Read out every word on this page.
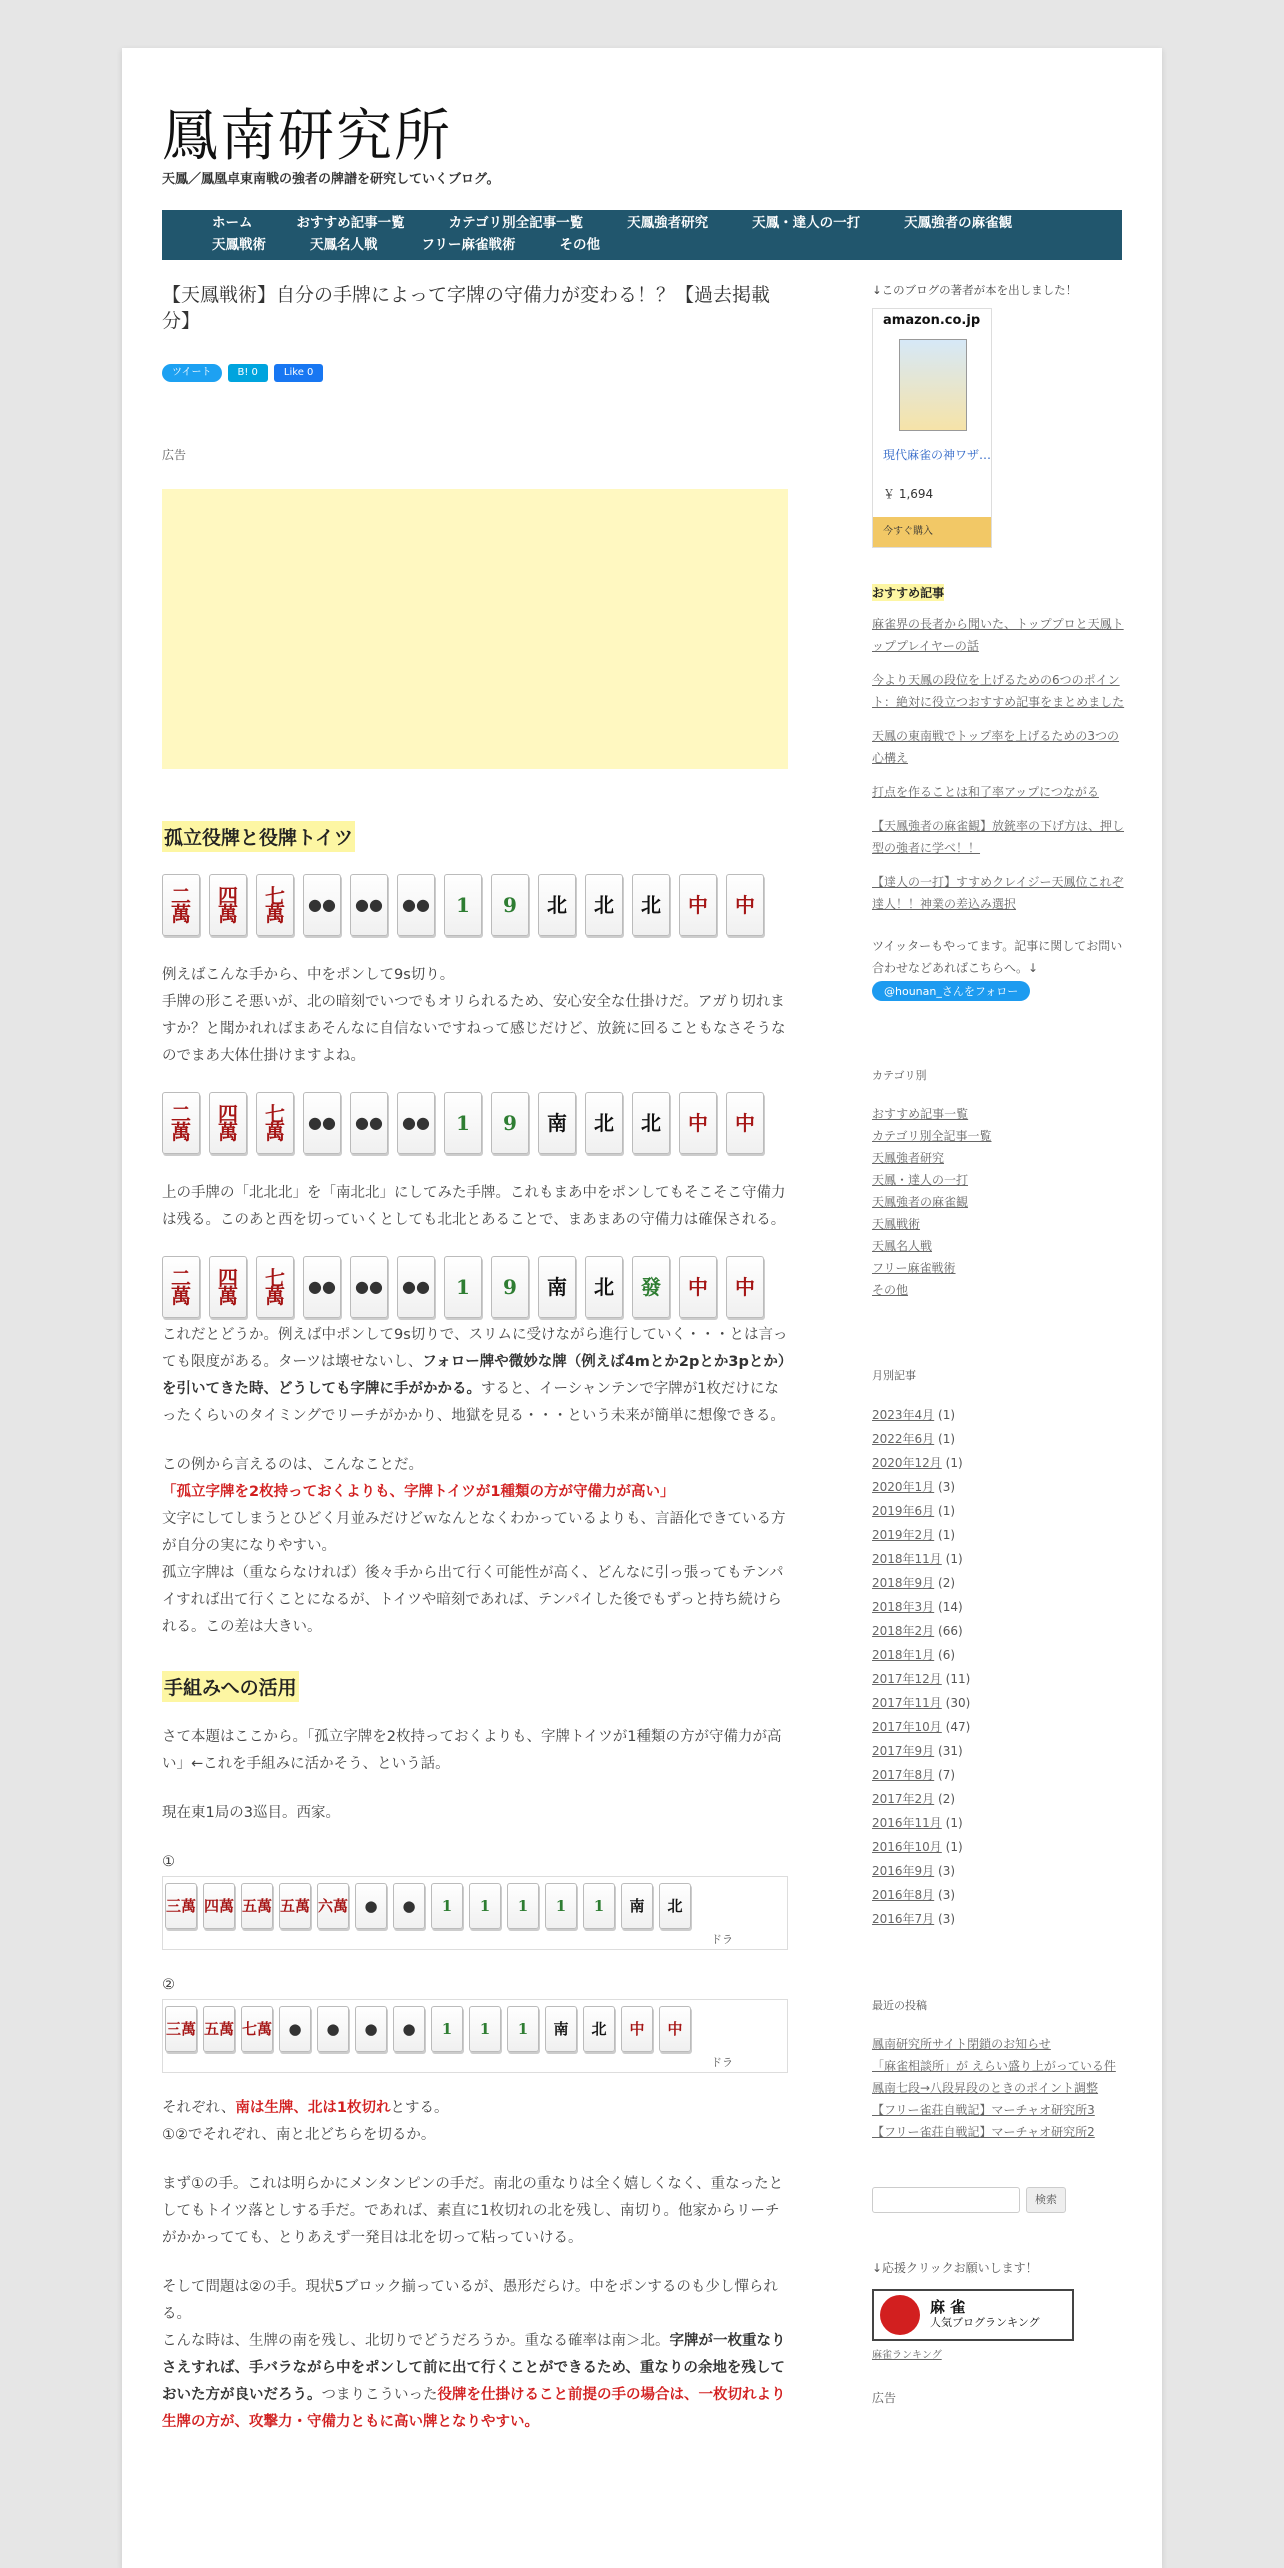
鳳南研究所
天鳳／鳳凰卓東南戦の強者の牌譜を研究していくブログ。
ホーム	おすすめ記事一覧	カテゴリ別全記事一覧	天鳳強者研究	天鳳・達人の一打	天鳳強者の麻雀観
天鳳戦術	天鳳名人戦	フリー麻雀戦術	その他
【天鳳戦術】自分の手牌によって字牌の守備力が変わる！？【過去掲載分】
ツイート	B! 0	Like 0
広告
孤立役牌と役牌トイツ
二萬
四萬
七萬	●●	●●	●●	1	9	北	北	北	中	中

例えばこんな手から、中をポンして9s切り。
手牌の形こそ悪いが、北の暗刻でいつでもオリられるため、安心安全な仕掛けだ。アガり切れますか？と聞かれればまあそんなに自信ないですねって感じだけど、放銃に回ることもなさそうなのでまあ大体仕掛けますよね。

二萬
四萬
七萬	●●	●●	●●	1	9	南	北	北	中	中

上の手牌の「北北北」を「南北北」にしてみた手牌。これもまあ中をポンしてもそこそこ守備力は残る。このあと西を切っていくとしても北北とあることで、まあまあの守備力は確保される。

二萬
四萬
七萬	●●	●●	●●	1	9	南	北	發	中	中

これだとどうか。例えば中ポンして9s切りで、スリムに受けながら進行していく・・・とは言っても限度がある。ターツは壊せないし、フォロー牌や微妙な牌（例えば4mとか2pとか3pとか）を引いてきた時、どうしても字牌に手がかかる。すると、イーシャンテンで字牌が1枚だけになったくらいのタイミングでリーチがかかり、地獄を見る・・・という未来が簡単に想像できる。

この例から言えるのは、こんなことだ。
「孤立字牌を2枚持っておくよりも、字牌トイツが1種類の方が守備力が高い」
文字にしてしまうとひどく月並みだけどｗなんとなくわかっているよりも、言語化できている方が自分の実になりやすい。
孤立字牌は（重ならなければ）後々手から出て行く可能性が高く、どんなに引っ張ってもテンパイすれば出て行くことになるが、トイツや暗刻であれば、テンパイした後でもずっと持ち続けられる。この差は大きい。

手組みへの活用

さて本題はここから。「孤立字牌を2枚持っておくよりも、字牌トイツが1種類の方が守備力が高い」←これを手組みに活かそう、という話。

現在東1局の3巡目。西家。

①

三萬 四萬 五萬 五萬 六萬	●	●	1	1	1	1	1	南	北
ドラ

②

三萬 五萬 七萬	●	●	●	●	1	1	1	南	北	中	中
ドラ

それぞれ、南は生牌、北は1枚切れとする。
①②でそれぞれ、南と北どちらを切るか。

まず①の手。これは明らかにメンタンピンの手だ。南北の重なりは全く嬉しくなく、重なったとしてもトイツ落としする手だ。であれば、素直に1枚切れの北を残し、南切り。他家からリーチがかかってても、とりあえず一発目は北を切って粘っていける。

そして問題は②の手。現状5ブロック揃っているが、愚形だらけ。中をポンするのも少し憚られる。
こんな時は、生牌の南を残し、北切りでどうだろうか。重なる確率は南＞北。字牌が一枚重なりさえすれば、手バラながら中をポンして前に出て行くことができるため、重なりの余地を残しておいた方が良いだろう。つまりこういった役牌を仕掛けること前提の手の場合は、一枚切れより生牌の方が、攻撃力・守備力ともに高い牌となりやすい。

↓このブログの著者が本を出しました！
amazon.co.jp
現代麻雀の神ワザ…
￥ 1,694
今すぐ購入
おすすめ記事
麻雀界の長者から聞いた、トッププロと天鳳トッププレイヤーの話
今より天鳳の段位を上げるための6つのポイント：絶対に役立つおすすめ記事をまとめました
天鳳の東南戦でトップ率を上げるための3つの心構え
打点を作ることは和了率アップにつながる
【天鳳強者の麻雀観】放銃率の下げ方は、押し型の強者に学べ！！
【達人の一打】すすめクレイジー天鳳位これぞ達人！！神業の差込み選択
ツイッターもやってます。記事に関してお問い合わせなどあればこちらへ。↓
@hounan_さんをフォロー
カテゴリ別
おすすめ記事一覧
カテゴリ別全記事一覧
天鳳強者研究
天鳳・達人の一打
天鳳強者の麻雀観
天鳳戦術
天鳳名人戦
フリー麻雀戦術
その他
月別記事
2023年4月 (1)
2022年6月 (1)
2020年12月 (1)
2020年1月 (3)
2019年6月 (1)
2019年2月 (1)
2018年11月 (1)
2018年9月 (2)
2018年3月 (14)
2018年2月 (66)
2018年1月 (6)
2017年12月 (11)
2017年11月 (30)
2017年10月 (47)
2017年9月 (31)
2017年8月 (7)
2017年2月 (2)
2016年11月 (1)
2016年10月 (1)
2016年9月 (3)
2016年8月 (3)
2016年7月 (3)
最近の投稿
鳳南研究所サイト閉鎖のお知らせ
「麻雀相談所」が えらい盛り上がっている件
鳳南七段→八段昇段のときのポイント調整
【フリー雀荘自戦記】マーチャオ研究所3
【フリー雀荘自戦記】マーチャオ研究所2
検索
↓応援クリックお願いします！
麻 雀
人気ブログランキング
麻雀ランキング
広告
